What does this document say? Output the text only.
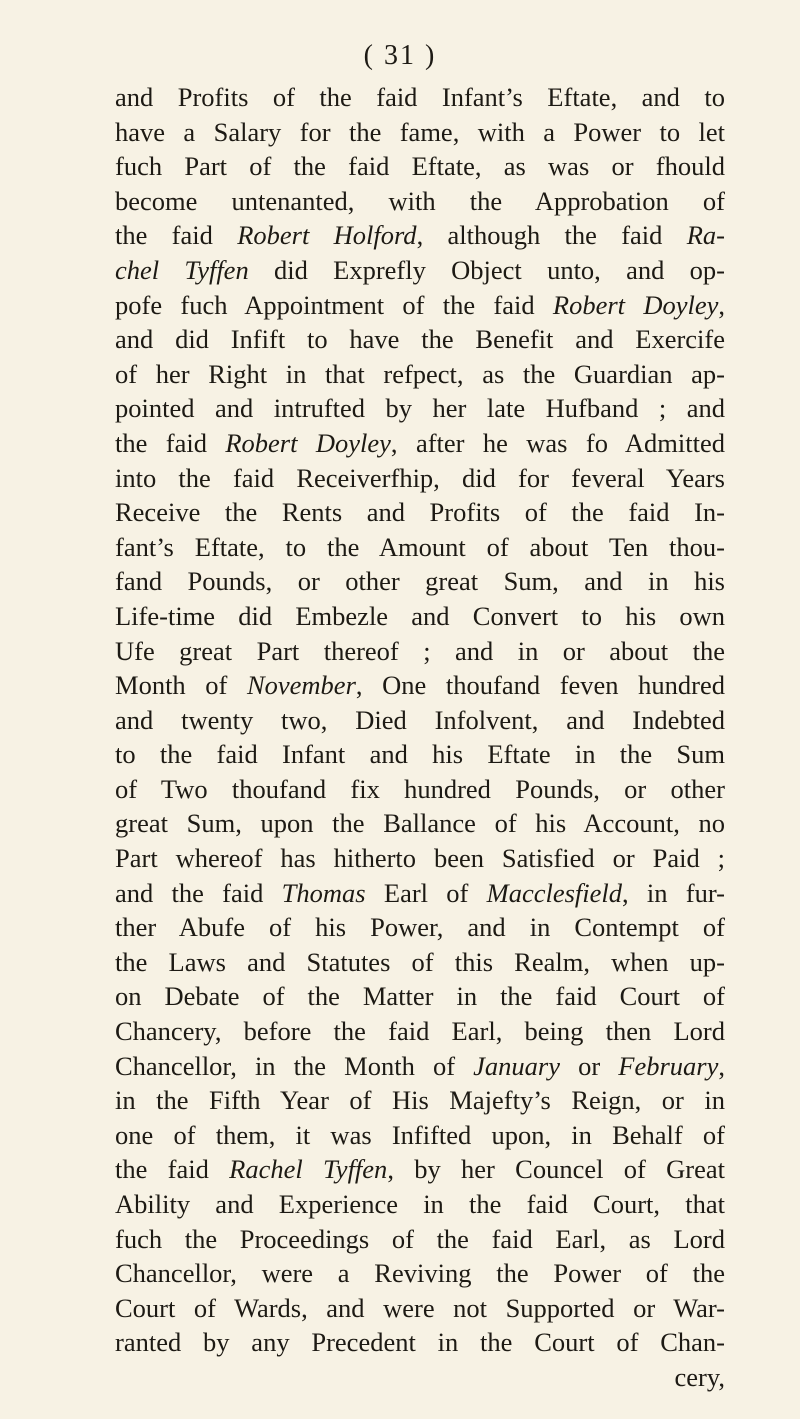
( 31 )
and Profits of the faid Infant’s Eftate, and to
have a Salary for the fame, with a Power to let
fuch Part of the faid Eftate, as was or fhould
become untenanted, with the Approbation of
the faid Robert Holford, although the faid Ra-
chel Tyffen did Exprefly Object unto, and op-
pofe fuch Appointment of the faid Robert Doyley,
and did Infift to have the Benefit and Exercife
of her Right in that refpect, as the Guardian ap-
pointed and intrufted by her late Hufband ; and
the faid Robert Doyley, after he was fo Admitted
into the faid Receiverfhip, did for feveral Years
Receive the Rents and Profits of the faid In-
fant’s Eftate, to the Amount of about Ten thou-
fand Pounds, or other great Sum, and in his
Life-time did Embezle and Convert to his own
Ufe great Part thereof ; and in or about the
Month of November, One thoufand feven hundred
and twenty two, Died Infolvent, and Indebted
to the faid Infant and his Eftate in the Sum
of Two thoufand fix hundred Pounds, or other
great Sum, upon the Ballance of his Account, no
Part whereof has hitherto been Satisfied or Paid ;
and the faid Thomas Earl of Macclesfield, in fur-
ther Abufe of his Power, and in Contempt of
the Laws and Statutes of this Realm, when up-
on Debate of the Matter in the faid Court of
Chancery, before the faid Earl, being then Lord
Chancellor, in the Month of January or February,
in the Fifth Year of His Majefty’s Reign, or in
one of them, it was Infifted upon, in Behalf of
the faid Rachel Tyffen, by her Councel of Great
Ability and Experience in the faid Court, that
fuch the Proceedings of the faid Earl, as Lord
Chancellor, were a Reviving the Power of the
Court of Wards, and were not Supported or War-
ranted by any Precedent in the Court of Chan-
cery,
